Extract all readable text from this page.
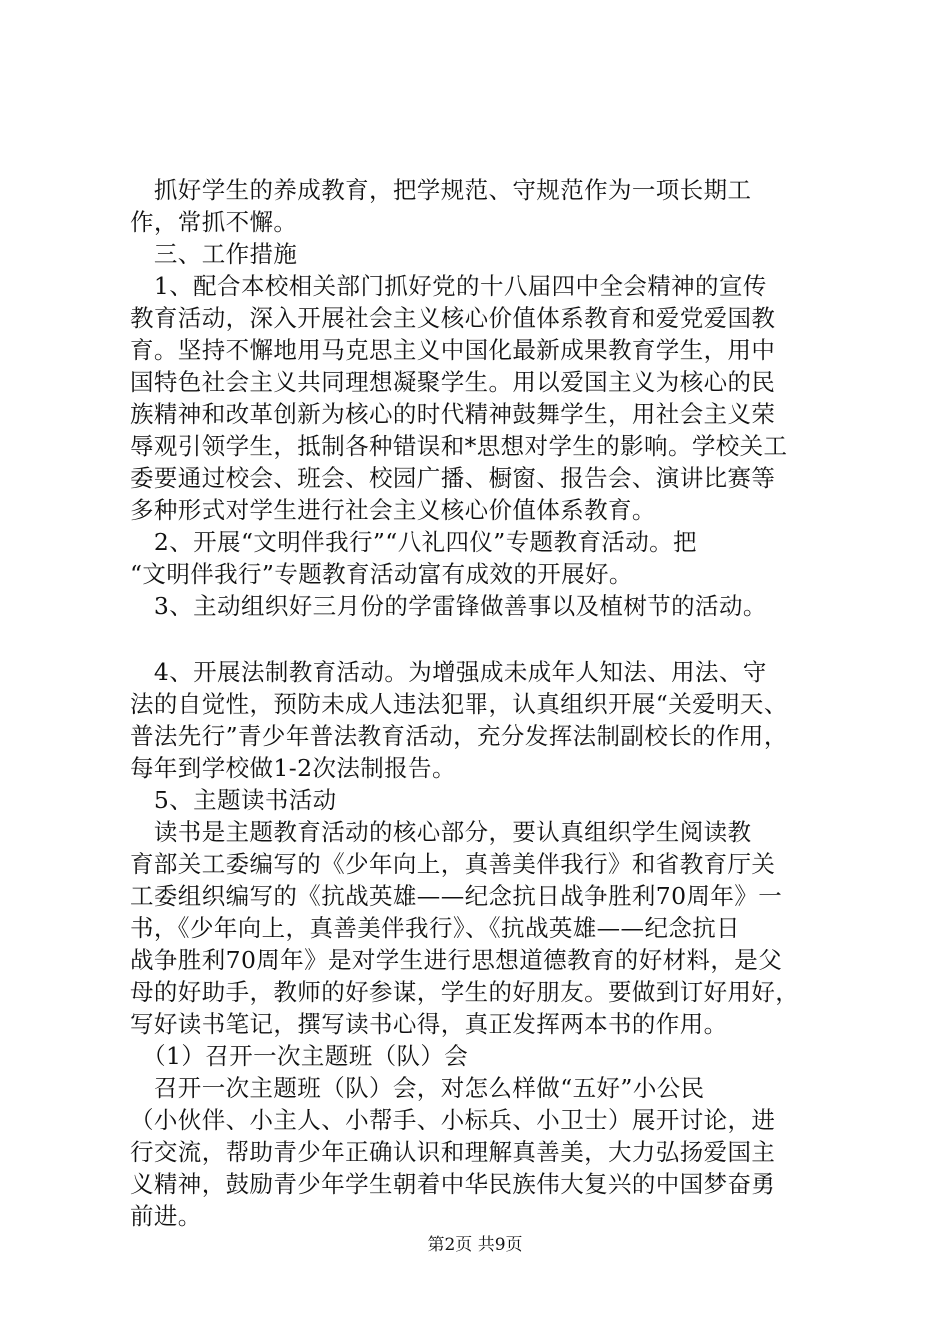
　抓好学生的养成教育，把学规范、守规范作为一项长期工
作，常抓不懈。
　三、工作措施
　1、配合本校相关部门抓好党的十八届四中全会精神的宣传
教育活动，深入开展社会主义核心价值体系教育和爱党爱国教
育。坚持不懈地用马克思主义中国化最新成果教育学生，用中
国特色社会主义共同理想凝聚学生。用以爱国主义为核心的民
族精神和改革创新为核心的时代精神鼓舞学生，用社会主义荣
辱观引领学生，抵制各种错误和*思想对学生的影响。学校关工
委要通过校会、班会、校园广播、橱窗、报告会、演讲比赛等
多种形式对学生进行社会主义核心价值体系教育。
　2、开展“文明伴我行”“八礼四仪”专题教育活动。把
“文明伴我行”专题教育活动富有成效的开展好。
　3、主动组织好三月份的学雷锋做善事以及植树节的活动。
　4、开展法制教育活动。为增强成未成年人知法、用法、守
法的自觉性，预防未成人违法犯罪，认真组织开展“关爱明天、
普法先行”青少年普法教育活动，充分发挥法制副校长的作用，
每年到学校做1-2次法制报告。
　5、主题读书活动
　读书是主题教育活动的核心部分，要认真组织学生阅读教
育部关工委编写的《少年向上，真善美伴我行》和省教育厅关
工委组织编写的《抗战英雄——纪念抗日战争胜利70周年》一
书，《少年向上，真善美伴我行》、《抗战英雄——纪念抗日
战争胜利70周年》是对学生进行思想道德教育的好材料，是父
母的好助手，教师的好参谋，学生的好朋友。要做到订好用好，
写好读书笔记，撰写读书心得，真正发挥两本书的作用。
　（1）召开一次主题班（队）会
　召开一次主题班（队）会，对怎么样做“五好”小公民
（小伙伴、小主人、小帮手、小标兵、小卫士）展开讨论，进
行交流，帮助青少年正确认识和理解真善美，大力弘扬爱国主
义精神，鼓励青少年学生朝着中华民族伟大复兴的中国梦奋勇
前进。
第2页 共9页
